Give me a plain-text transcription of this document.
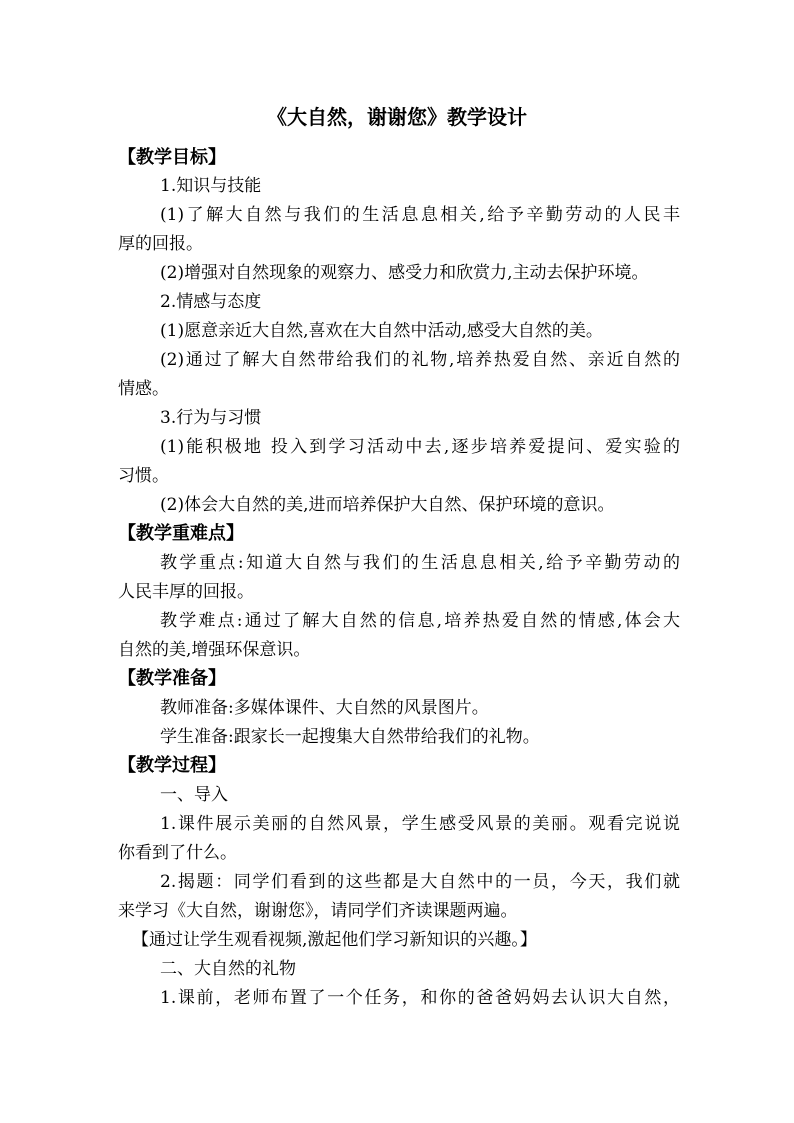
《大自然，谢谢您》教学设计
【教学目标】
1.知识与技能
(1)了解大自然与我们的生活息息相关,给予辛勤劳动的人民丰
厚的回报。
(2)增强对自然现象的观察力、感受力和欣赏力,主动去保护环境。
2.情感与态度
(1)愿意亲近大自然,喜欢在大自然中活动,感受大自然的美。
(2)通过了解大自然带给我们的礼物,培养热爱自然、亲近自然的
情感。
3.行为与习惯
(1)能积极地 投入到学习活动中去,逐步培养爱提问、爱实验的
习惯。
(2)体会大自然的美,进而培养保护大自然、保护环境的意识。
【教学重难点】
教学重点:知道大自然与我们的生活息息相关,给予辛勤劳动的
人民丰厚的回报。
教学难点:通过了解大自然的信息,培养热爱自然的情感,体会大
自然的美,增强环保意识。
【教学准备】
教师准备:多媒体课件、大自然的风景图片。
学生准备:跟家长一起搜集大自然带给我们的礼物。
【教学过程】
一、导入
1.课件展示美丽的自然风景，学生感受风景的美丽。观看完说说
你看到了什么。
2.揭题：同学们看到的这些都是大自然中的一员，今天，我们就
来学习《大自然，谢谢您》，请同学们齐读课题两遍。
【通过让学生观看视频,激起他们学习新知识的兴趣。】
二、大自然的礼物
1.课前，老师布置了一个任务，和你的爸爸妈妈去认识大自然，
